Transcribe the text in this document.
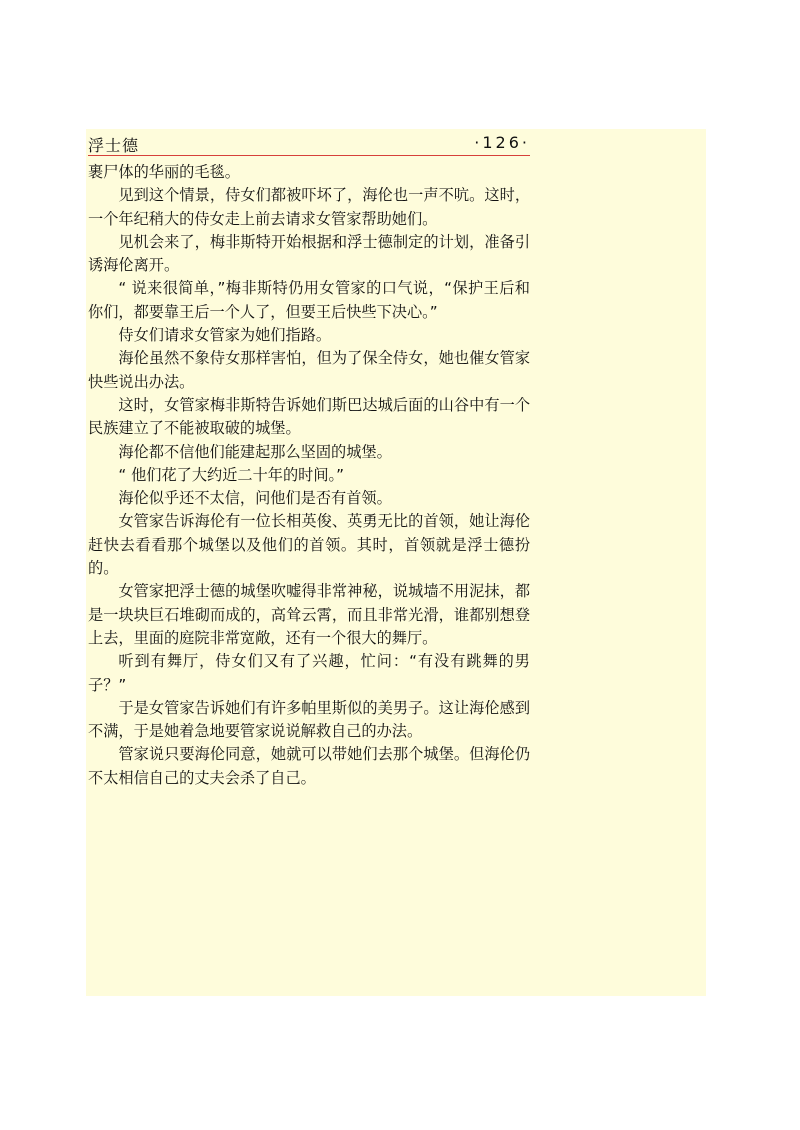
浮士德	·126·

裹尸体的华丽的毛毯。

见到这个情景，侍女们都被吓坏了，海伦也一声不吭。这时，一个年纪稍大的侍女走上前去请求女管家帮助她们。

见机会来了，梅非斯特开始根据和浮士德制定的计划，准备引诱海伦离开。

“ 说来很简单，”梅非斯特仍用女管家的口气说，“保护王后和你们，都要靠王后一个人了，但要王后快些下决心。”

侍女们请求女管家为她们指路。

海伦虽然不象侍女那样害怕，但为了保全侍女，她也催女管家快些说出办法。

这时，女管家梅非斯特告诉她们斯巴达城后面的山谷中有一个民族建立了不能被取破的城堡。

海伦都不信他们能建起那么坚固的城堡。

“ 他们花了大约近二十年的时间。”

海伦似乎还不太信，问他们是否有首领。

女管家告诉海伦有一位长相英俊、英勇无比的首领，她让海伦赶快去看看那个城堡以及他们的首领。其时，首领就是浮士德扮的。

女管家把浮士德的城堡吹嘘得非常神秘，说城墙不用泥抹，都是一块块巨石堆砌而成的，高耸云霄，而且非常光滑，谁都别想登上去，里面的庭院非常宽敞，还有一个很大的舞厅。

听到有舞厅，侍女们又有了兴趣，忙问：“有没有跳舞的男子？”

于是女管家告诉她们有许多帕里斯似的美男子。这让海伦感到不满，于是她着急地要管家说说解救自己的办法。

管家说只要海伦同意，她就可以带她们去那个城堡。但海伦仍不太相信自己的丈夫会杀了自己。
